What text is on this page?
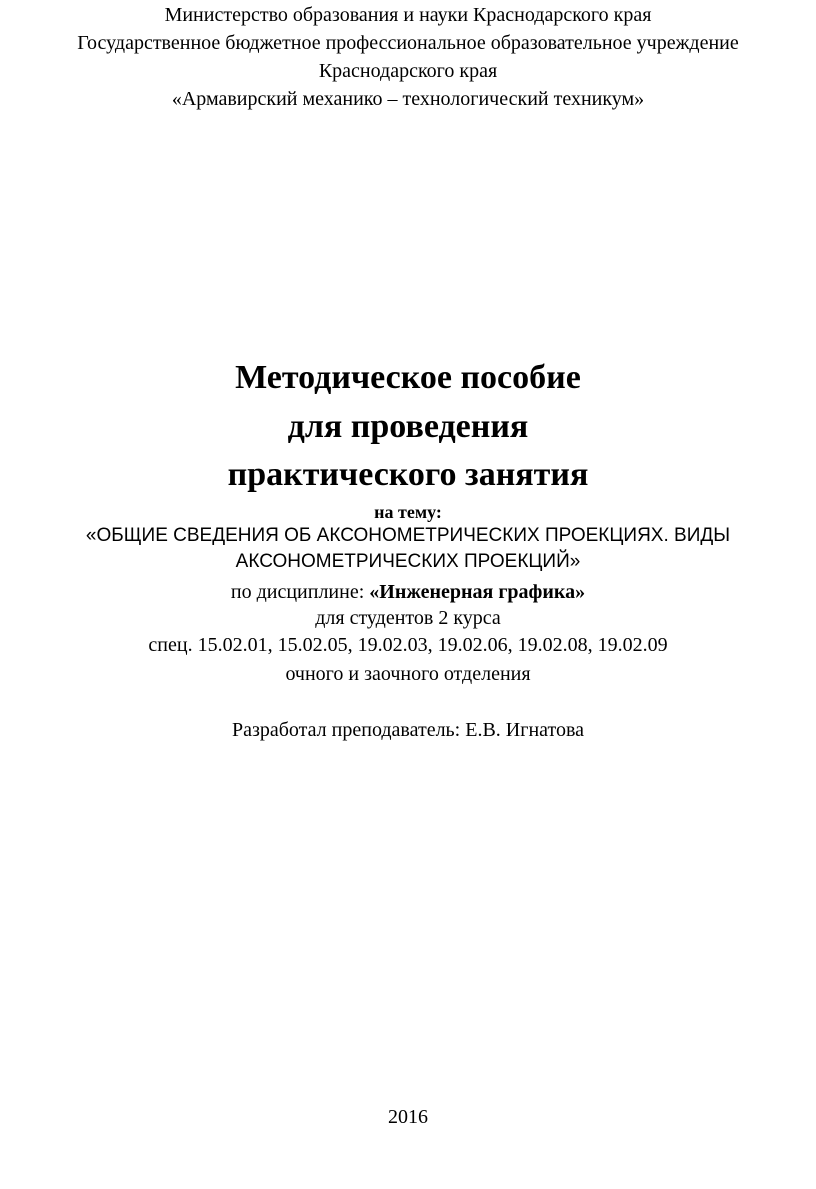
Министерство образования и науки Краснодарского края
Государственное бюджетное профессиональное образовательное учреждение
Краснодарского края
«Армавирский механико – технологический техникум»
Методическое пособие
для проведения
практического занятия
на тему:
«ОБЩИЕ СВЕДЕНИЯ ОБ АКСОНОМЕТРИЧЕСКИХ ПРОЕКЦИЯХ. ВИДЫ
АКСОНОМЕТРИЧЕСКИХ ПРОЕКЦИЙ»
по дисциплине: «Инженерная графика»
для студентов 2 курса
спец. 15.02.01, 15.02.05, 19.02.03, 19.02.06, 19.02.08, 19.02.09
очного и заочного отделения
Разработал преподаватель: Е.В. Игнатова
2016
